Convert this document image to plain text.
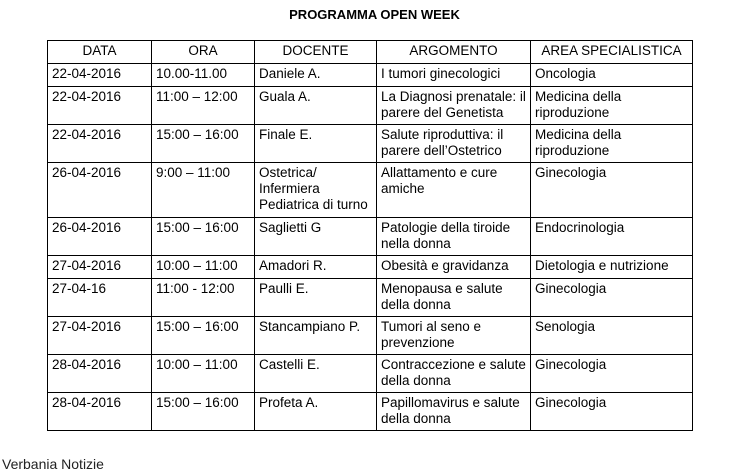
PROGRAMMA OPEN WEEK
DATA	ORA	DOCENTE	ARGOMENTO	AREA SPECIALISTICA
22-04-2016	10.00-11.00	Daniele A.	I tumori ginecologici	Oncologia
22-04-2016	11:00 – 12:00	Guala A.	La Diagnosi prenatale: il parere del Genetista	Medicina della riproduzione
22-04-2016	15:00 – 16:00	Finale E.	Salute riproduttiva: il parere dell’Ostetrico	Medicina della riproduzione
26-04-2016	9:00 – 11:00	Ostetrica/ Infermiera Pediatrica di turno	Allattamento e cure amiche	Ginecologia
26-04-2016	15:00 – 16:00	Saglietti G	Patologie della tiroide nella donna	Endocrinologia
27-04-2016	10:00 – 11:00	Amadori R.	Obesità e gravidanza	Dietologia e nutrizione
27-04-16	11:00 - 12:00	Paulli E.	Menopausa e salute della donna	Ginecologia
27-04-2016	15:00 – 16:00	Stancampiano P.	Tumori al seno e prevenzione	Senologia
28-04-2016	10:00 – 11:00	Castelli E.	Contraccezione e salute della donna	Ginecologia
28-04-2016	15:00 – 16:00	Profeta A.	Papillomavirus e salute della donna	Ginecologia
Verbania Notizie
